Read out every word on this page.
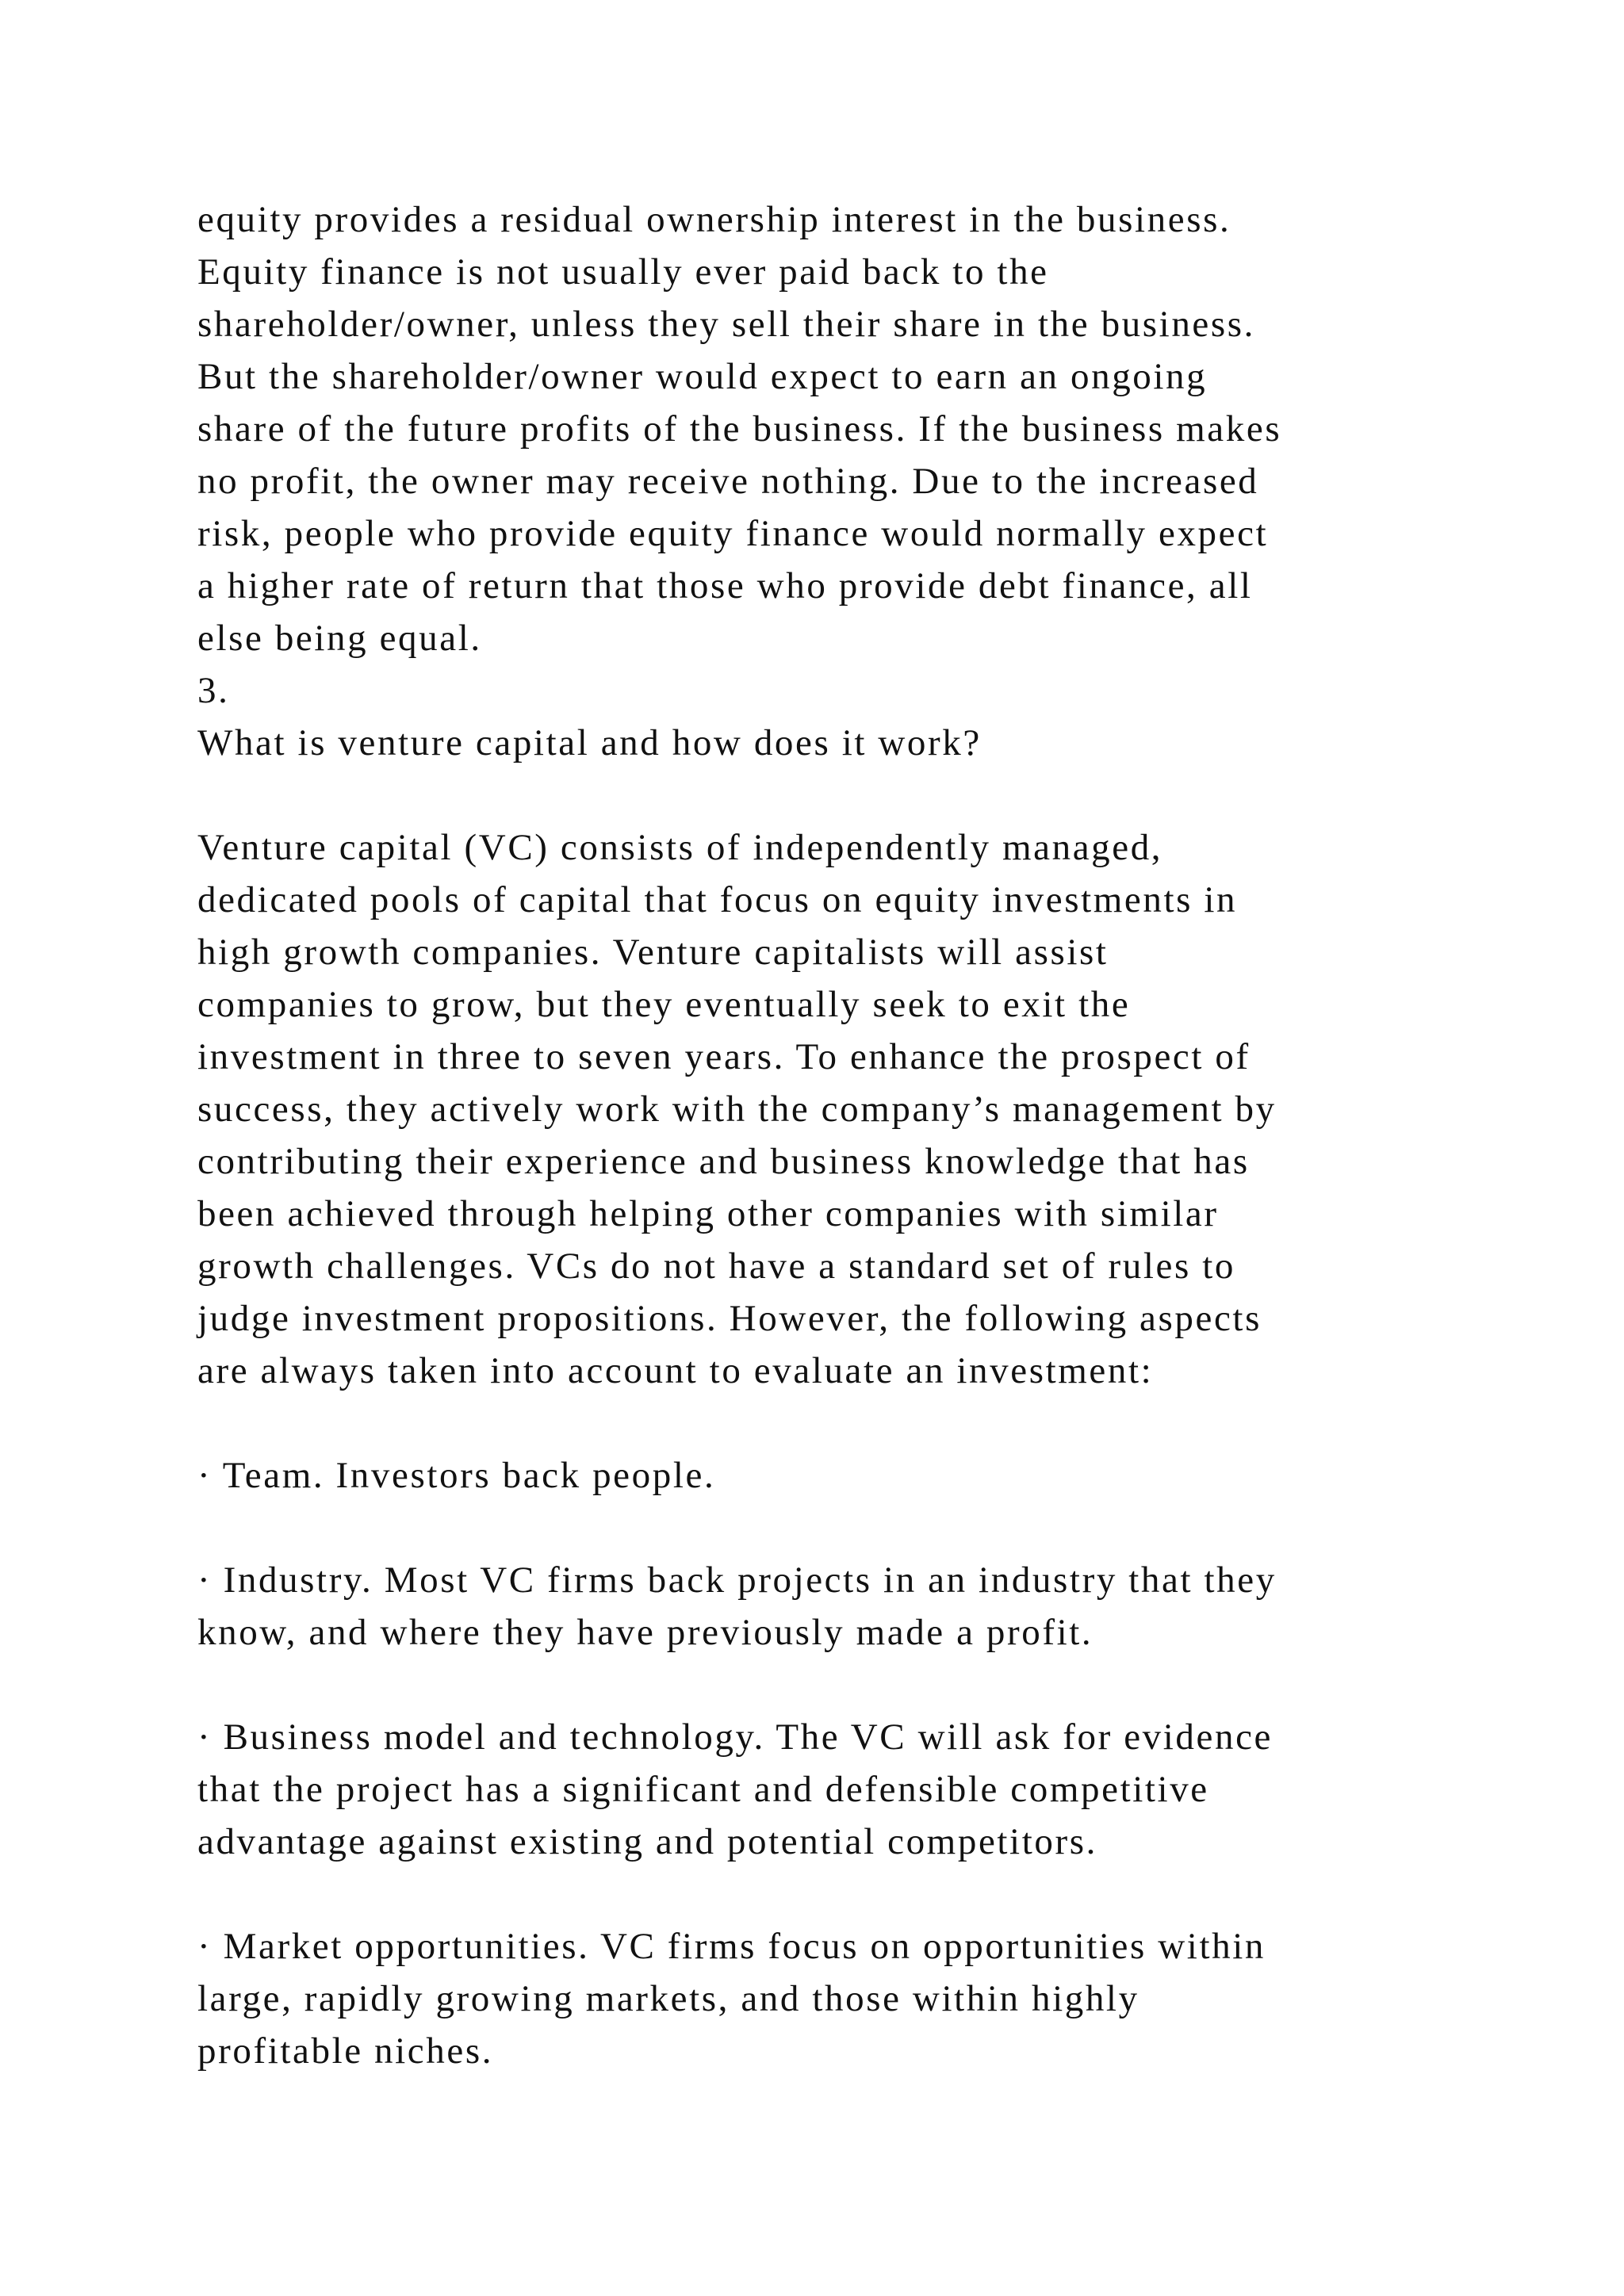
equity provides a residual ownership interest in the business.
Equity finance is not usually ever paid back to the
shareholder/owner, unless they sell their share in the business.
But the shareholder/owner would expect to earn an ongoing
share of the future profits of the business. If the business makes
no profit, the owner may receive nothing. Due to the increased
risk, people who provide equity finance would normally expect
a higher rate of return that those who provide debt finance, all
else being equal.
3.
What is venture capital and how does it work?
Venture capital (VC) consists of independently managed,
dedicated pools of capital that focus on equity investments in
high growth companies. Venture capitalists will assist
companies to grow, but they eventually seek to exit the
investment in three to seven years. To enhance the prospect of
success, they actively work with the company’s management by
contributing their experience and business knowledge that has
been achieved through helping other companies with similar
growth challenges. VCs do not have a standard set of rules to
judge investment propositions. However, the following aspects
are always taken into account to evaluate an investment:
· Team. Investors back people.
· Industry. Most VC firms back projects in an industry that they
know, and where they have previously made a profit.
· Business model and technology. The VC will ask for evidence
that the project has a significant and defensible competitive
advantage against existing and potential competitors.
· Market opportunities. VC firms focus on opportunities within
large, rapidly growing markets, and those within highly
profitable niches.
